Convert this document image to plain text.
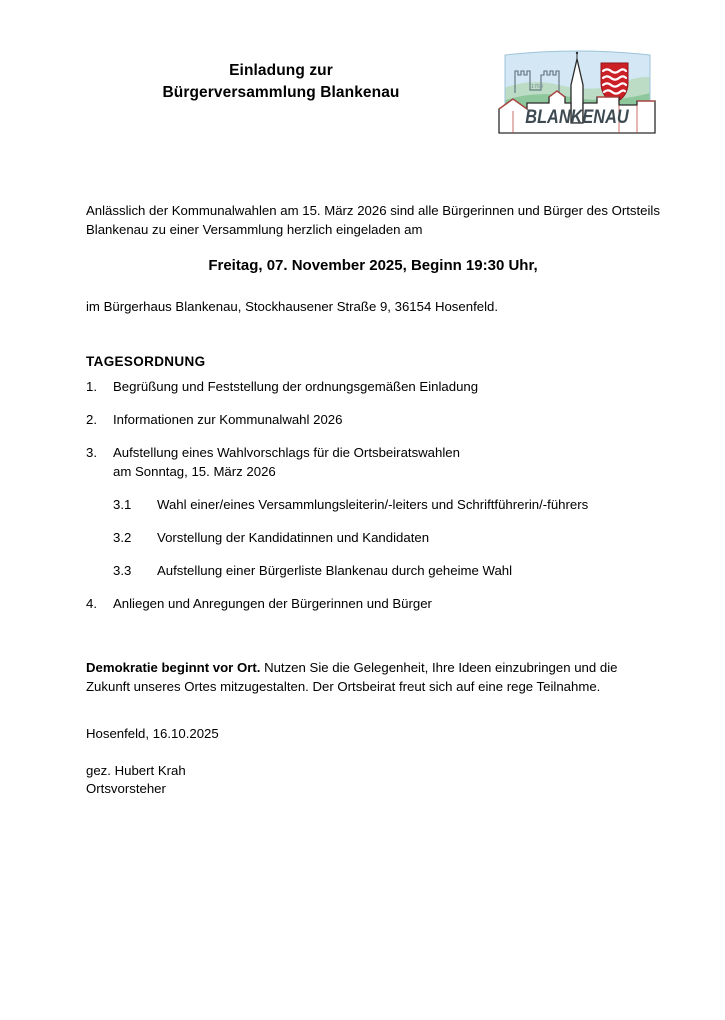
Einladung zur
Bürgerversammlung Blankenau	1760
BLANKENAU

Anlässlich der Kommunalwahlen am 15. März 2026 sind alle Bürgerinnen und Bürger des Ortsteils Blankenau zu einer Versammlung herzlich eingeladen am

Freitag, 07. November 2025, Beginn 19:30 Uhr,

im Bürgerhaus Blankenau, Stockhausener Straße 9, 36154 Hosenfeld.

TAGESORDNUNG
1.	Begrüßung und Feststellung der ordnungsgemäßen Einladung
2.	Informationen zur Kommunalwahl 2026
3.	Aufstellung eines Wahlvorschlags für die Ortsbeiratswahlen
am Sonntag, 15. März 2026
3.1	Wahl einer/eines Versammlungsleiterin/-leiters und Schriftführerin/-führers
3.2	Vorstellung der Kandidatinnen und Kandidaten
3.3	Aufstellung einer Bürgerliste Blankenau durch geheime Wahl
4.	Anliegen und Anregungen der Bürgerinnen und Bürger

Demokratie beginnt vor Ort. Nutzen Sie die Gelegenheit, Ihre Ideen einzubringen und die Zukunft unseres Ortes mitzugestalten. Der Ortsbeirat freut sich auf eine rege Teilnahme.

Hosenfeld, 16.10.2025

gez. Hubert Krah
Ortsvorsteher
